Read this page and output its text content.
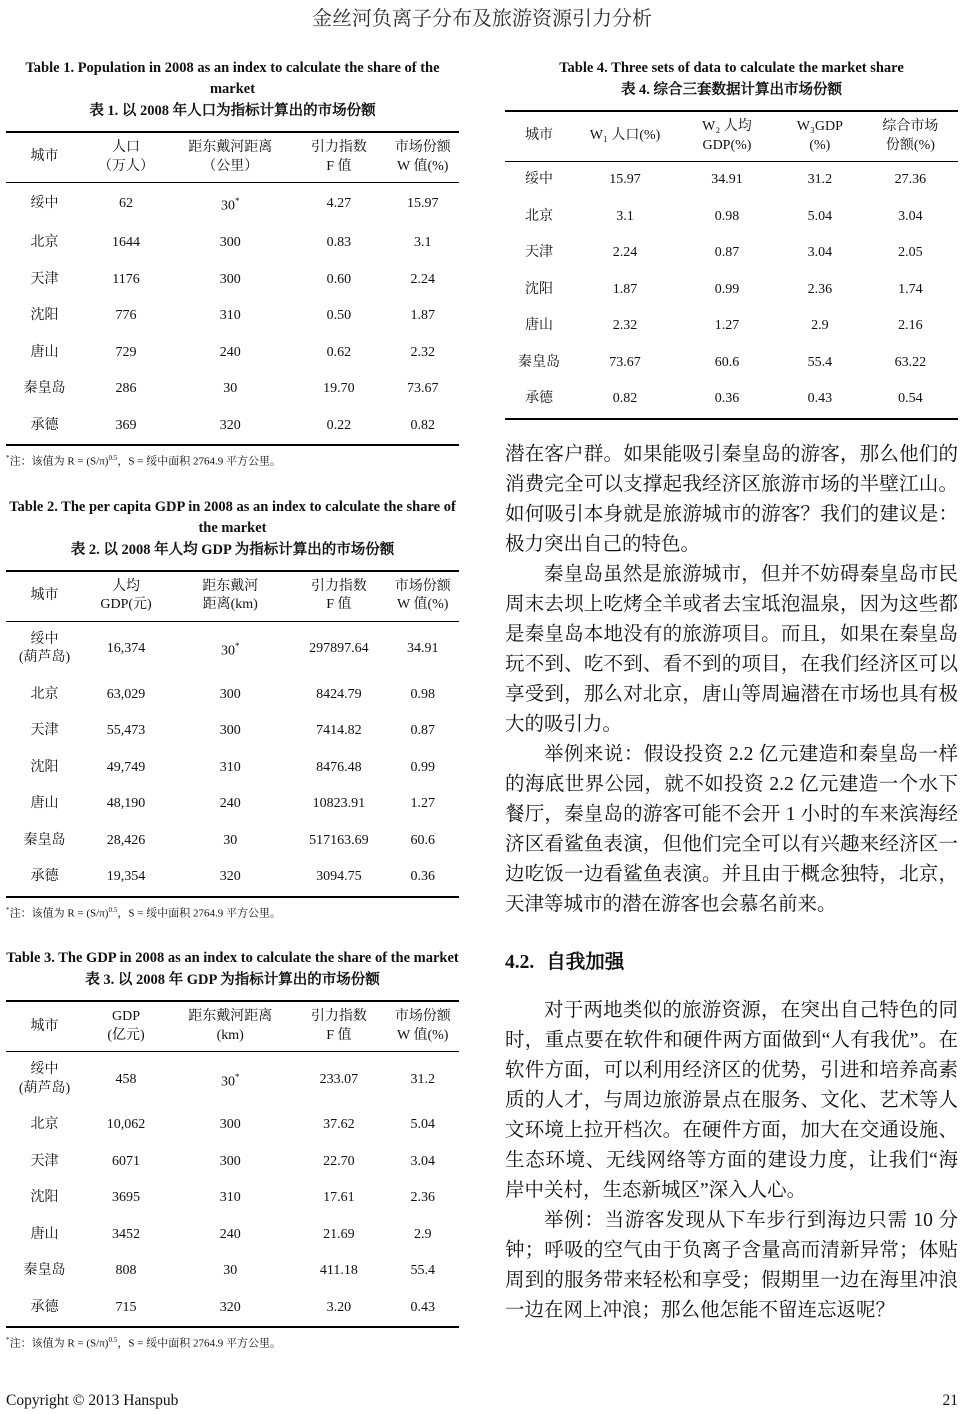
金丝河负离子分布及旅游资源引力分析
Table 1. Population in 2008 as an index to calculate the share of the market
表 1. 以 2008 年人口为指标计算出的市场份额
城市

人口
（万人）

距东戴河距离
（公里）

引力指数
F 值

市场份额
W 值(%)

绥中	62	30*	4.27	15.97

北京	1644	300	0.83	3.1

天津	1176	300	0.60	2.24

沈阳	776	310	0.50	1.87

唐山	729	240	0.62	2.32

秦皇岛	286	30	19.70	73.67

承德	369	320	0.22	0.82
*注：该值为 $R = (S/\pi)^{0.5}$，S = 绥中面积 2764.9 平方公里。
Table 2. The per capita GDP in 2008 as an index to calculate the share of the market
表 2. 以 2008 年人均 GDP 为指标计算出的市场份额
城市

人均
GDP(元)

距东戴河
距离(km)

引力指数
F 值

市场份额
W 值(%)

绥中
(葫芦岛)	16,374	30*	297897.64	34.91

北京	63,029	300	8424.79	0.98

天津	55,473	300	7414.82	0.87

沈阳	49,749	310	8476.48	0.99

唐山	48,190	240	10823.91	1.27

秦皇岛	28,426	30	517163.69	60.6

承德	19,354	320	3094.75	0.36
*注：该值为 $R = (S/\pi)^{0.5}$，S = 绥中面积 2764.9 平方公里。
Table 3. The GDP in 2008 as an index to calculate the share of the market
表 3. 以 2008 年 GDP 为指标计算出的市场份额
城市

GDP
(亿元)

距东戴河距离
(km)

引力指数
F 值

市场份额
W 值(%)

绥中
(葫芦岛)	458	30*	233.07	31.2

北京	10,062	300	37.62	5.04

天津	6071	300	22.70	3.04

沈阳	3695	310	17.61	2.36

唐山	3452	240	21.69	2.9

秦皇岛	808	30	411.18	55.4

承德	715	320	3.20	0.43
*注：该值为 $R = (S/\pi)^{0.5}$，S = 绥中面积 2764.9 平方公里。
Table 4. Three sets of data to calculate the market share
表 4. 综合三套数据计算出市场份额
城市	W₁ 人口(%)

W₂ 人均
GDP(%)

W₃GDP
(%)

综合市场
份额(%)

绥中	15.97	34.91	31.2	27.36

北京	3.1	0.98	5.04	3.04

天津	2.24	0.87	3.04	2.05

沈阳	1.87	0.99	2.36	1.74

唐山	2.32	1.27	2.9	2.16

秦皇岛	73.67	60.6	55.4	63.22

承德	0.82	0.36	0.43	0.54
潜在客户群。如果能吸引秦皇岛的游客，那么他们的消费完全可以支撑起我经济区旅游市场的半壁江山。如何吸引本身就是旅游城市的游客？我们的建议是：极力突出自己的特色。
秦皇岛虽然是旅游城市，但并不妨碍秦皇岛市民周末去坝上吃烤全羊或者去宝坻泡温泉，因为这些都是秦皇岛本地没有的旅游项目。而且，如果在秦皇岛玩不到、吃不到、看不到的项目，在我们经济区可以享受到，那么对北京，唐山等周遍潜在市场也具有极大的吸引力。
举例来说：假设投资 2.2 亿元建造和秦皇岛一样的海底世界公园，就不如投资 2.2 亿元建造一个水下餐厅，秦皇岛的游客可能不会开 1 小时的车来滨海经济区看鲨鱼表演，但他们完全可以有兴趣来经济区一边吃饭一边看鲨鱼表演。并且由于概念独特，北京，天津等城市的潜在游客也会慕名前来。
4.2. 自我加强
对于两地类似的旅游资源，在突出自己特色的同时，重点要在软件和硬件两方面做到“人有我优”。在软件方面，可以利用经济区的优势，引进和培养高素质的人才，与周边旅游景点在服务、文化、艺术等人文环境上拉开档次。在硬件方面，加大在交通设施、生态环境、无线网络等方面的建设力度，让我们“海岸中关村，生态新城区”深入人心。
举例：当游客发现从下车步行到海边只需 10 分钟；呼吸的空气由于负离子含量高而清新异常；体贴周到的服务带来轻松和享受；假期里一边在海里冲浪一边在网上冲浪；那么他怎能不留连忘返呢？
Copyright © 2013 Hanspub	21
